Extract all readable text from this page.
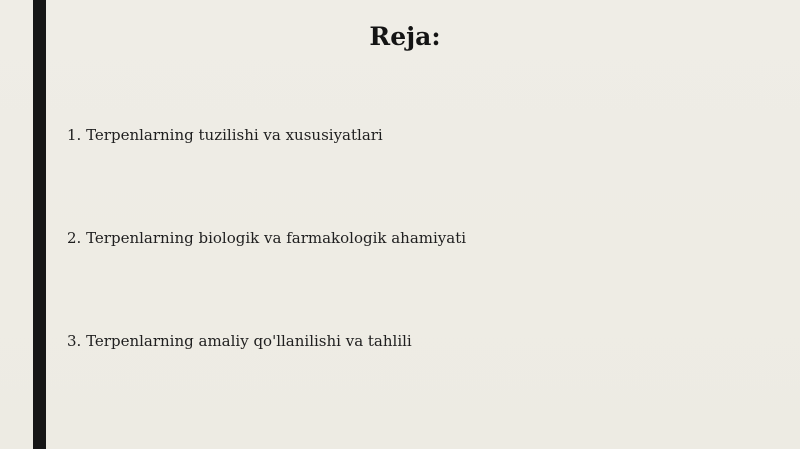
Reja:
1. Terpenlarning tuzilishi va xususiyatlari
2. Terpenlarning biologik va farmakologik ahamiyati
3. Terpenlarning amaliy qo'llanilishi va tahlili
